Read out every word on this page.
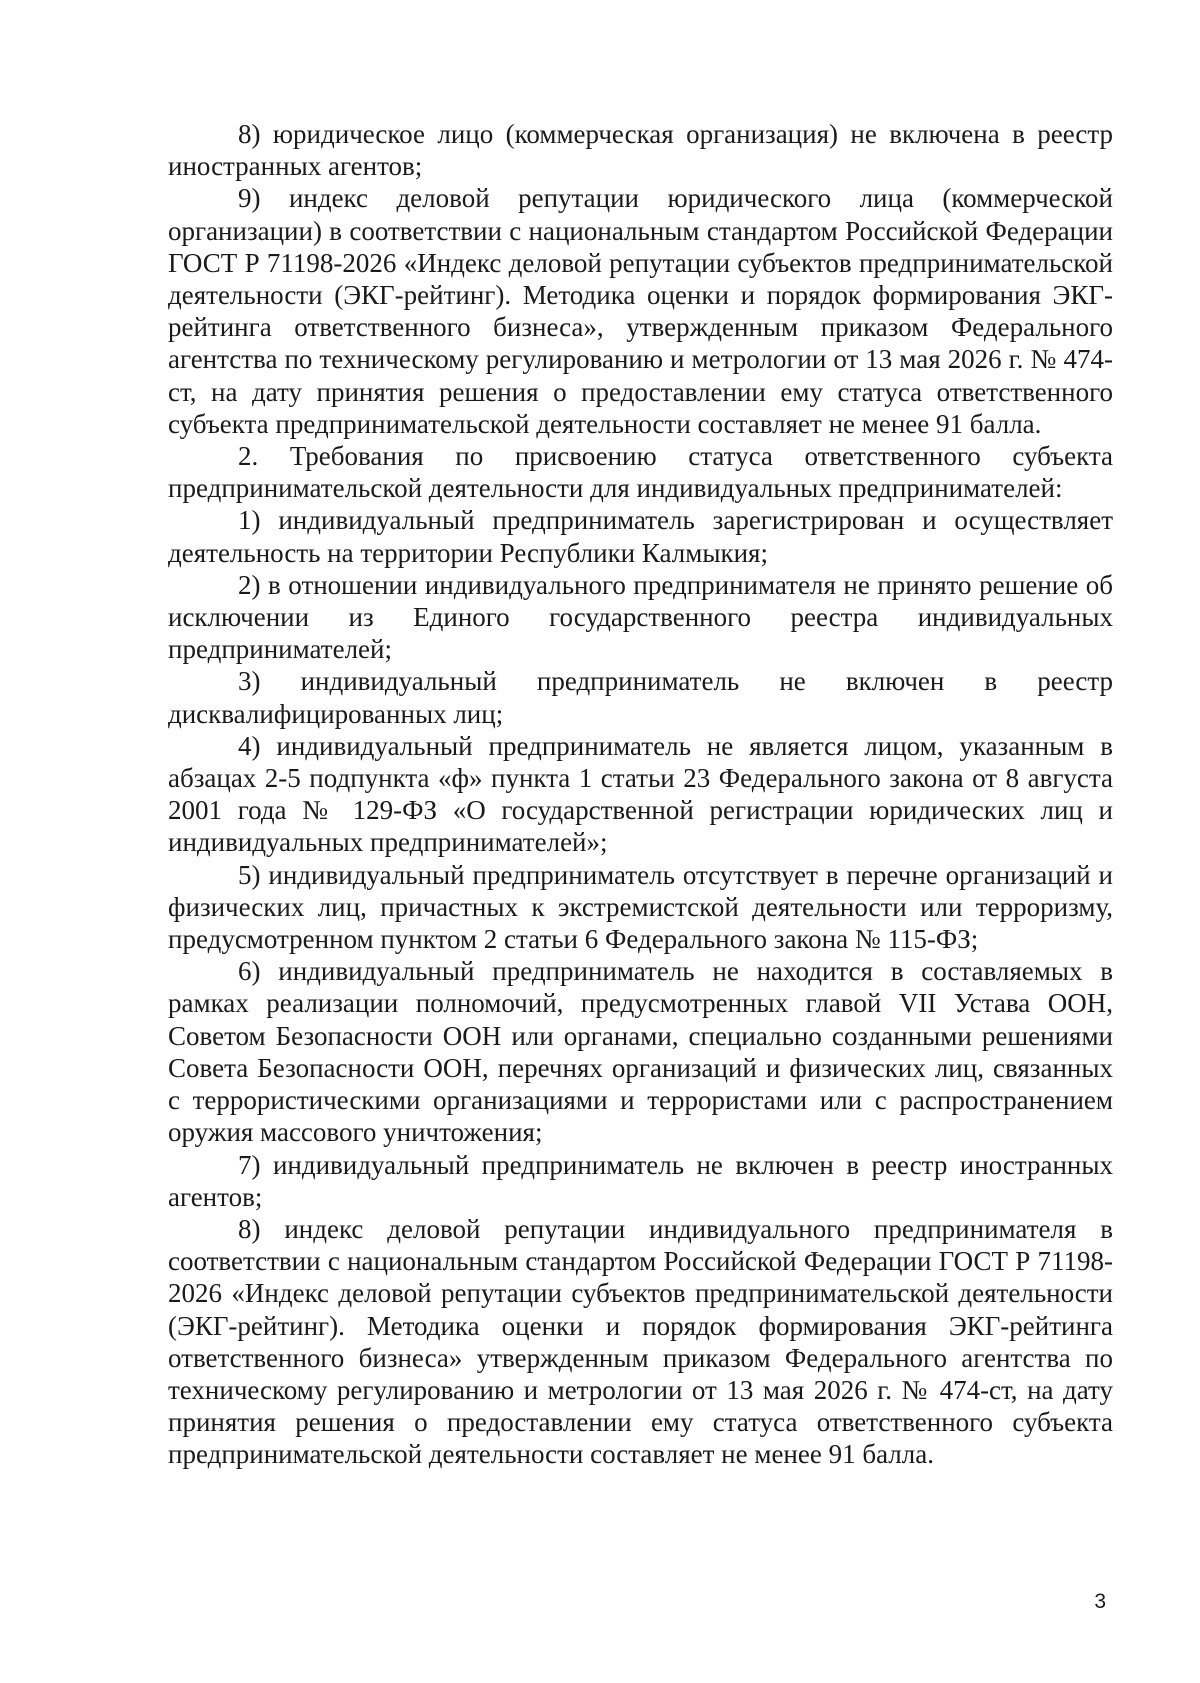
8) юридическое лицо (коммерческая организация) не включена в реестр иностранных агентов;

9) индекс деловой репутации юридического лица (коммерческой организации) в соответствии с национальным стандартом Российской Федерации ГОСТ Р 71198-2026 «Индекс деловой репутации субъектов предпринимательской деятельности (ЭКГ-рейтинг). Методика оценки и порядок формирования ЭКГ-рейтинга ответственного бизнеса», утвержденным приказом Федерального агентства по техническому регулированию и метрологии от 13 мая 2026 г. № 474-ст, на дату принятия решения о предоставлении ему статуса ответственного субъекта предпринимательской деятельности составляет не менее 91 балла.

2. Требования по присвоению статуса ответственного субъекта предпринимательской деятельности для индивидуальных предпринимателей:

1) индивидуальный предприниматель зарегистрирован и осуществляет деятельность на территории Республики Калмыкия;

2) в отношении индивидуального предпринимателя не принято решение об исключении из Единого государственного реестра индивидуальных предпринимателей;

3) индивидуальный предприниматель не включен в реестр дисквалифицированных лиц;

4) индивидуальный предприниматель не является лицом, указанным в абзацах 2-5 подпункта «ф» пункта 1 статьи 23 Федерального закона от 8 августа 2001 года № 129-ФЗ «О государственной регистрации юридических лиц и индивидуальных предпринимателей»;

5) индивидуальный предприниматель отсутствует в перечне организаций и физических лиц, причастных к экстремистской деятельности или терроризму, предусмотренном пунктом 2 статьи 6 Федерального закона № 115-ФЗ;

6) индивидуальный предприниматель не находится в составляемых в рамках реализации полномочий, предусмотренных главой VII Устава ООН, Советом Безопасности ООН или органами, специально созданными решениями Совета Безопасности ООН, перечнях организаций и физических лиц, связанных с террористическими организациями и террористами или с распространением оружия массового уничтожения;

7) индивидуальный предприниматель не включен в реестр иностранных агентов;

8) индекс деловой репутации индивидуального предпринимателя в соответствии с национальным стандартом Российской Федерации ГОСТ Р 71198-2026 «Индекс деловой репутации субъектов предпринимательской деятельности (ЭКГ-рейтинг). Методика оценки и порядок формирования ЭКГ-рейтинга ответственного бизнеса» утвержденным приказом Федерального агентства по техническому регулированию и метрологии от 13 мая 2026 г. № 474-ст, на дату принятия решения о предоставлении ему статуса ответственного субъекта предпринимательской деятельности составляет не менее 91 балла.

3
